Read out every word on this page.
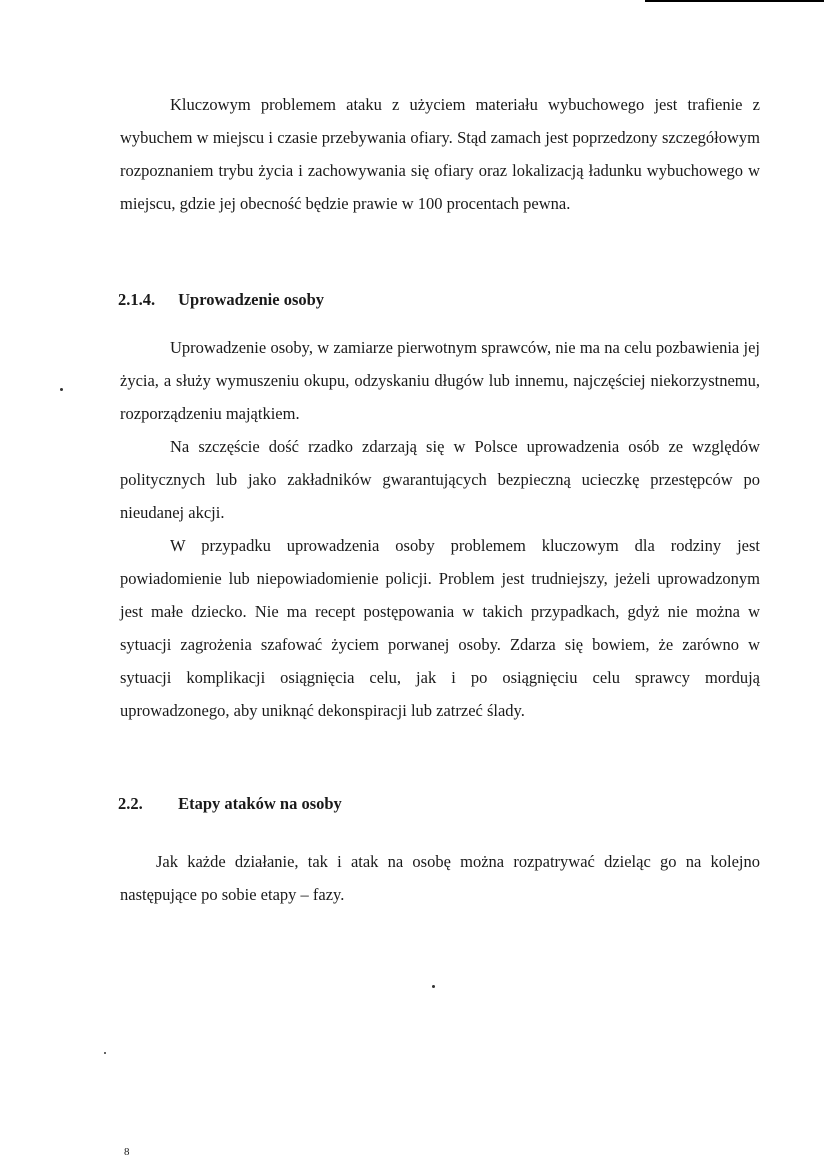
Kluczowym problemem ataku z użyciem materiału wybuchowego jest trafienie z wybuchem w miejscu i czasie przebywania ofiary. Stąd zamach jest poprzedzony szczegółowym rozpoznaniem trybu życia i zachowywania się ofiary oraz lokalizacją ładunku wybuchowego w miejscu, gdzie jej obecność będzie prawie w 100 procentach pewna.

2.1.4. Uprowadzenie osoby

Uprowadzenie osoby, w zamiarze pierwotnym sprawców, nie ma na celu pozbawienia jej życia, a służy wymuszeniu okupu, odzyskaniu długów lub innemu, najczęściej niekorzystnemu, rozporządzeniu majątkiem.

Na szczęście dość rzadko zdarzają się w Polsce uprowadzenia osób ze względów politycznych lub jako zakładników gwarantujących bezpieczną ucieczkę przestępców po nieudanej akcji.

W przypadku uprowadzenia osoby problemem kluczowym dla rodziny jest powiadomienie lub niepowiadomienie policji. Problem jest trudniejszy, jeżeli uprowadzonym jest małe dziecko. Nie ma recept postępowania w takich przypadkach, gdyż nie można w sytuacji zagrożenia szafować życiem porwanej osoby. Zdarza się bowiem, że zarówno w sytuacji komplikacji osiągnięcia celu, jak i po osiągnięciu celu sprawcy mordują uprowadzonego, aby uniknąć dekonspiracji lub zatrzeć ślady.

2.2. Etapy ataków na osoby

Jak każde działanie, tak i atak na osobę można rozpatrywać dzieląc go na kolejno następujące po sobie etapy – fazy.

8
